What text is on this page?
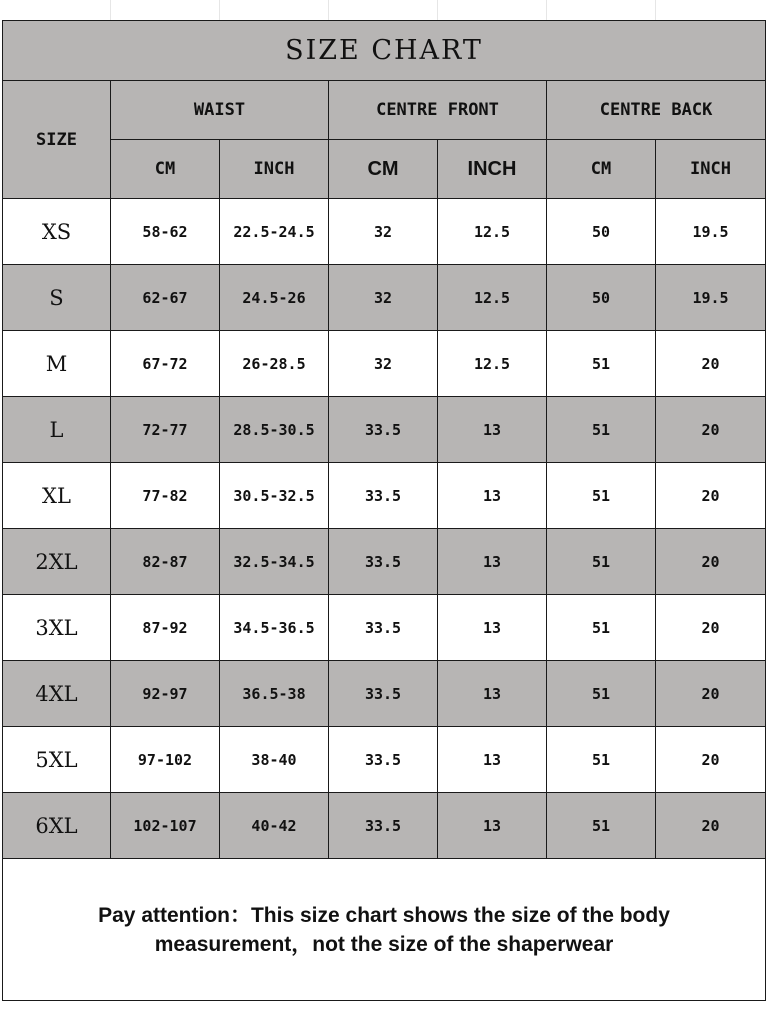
SIZE CHART						
SIZE	WAIST		CENTRE FRONT		CENTRE BACK	
	CM	INCH	CM	INCH	CM	INCH
XS	58-62	22.5-24.5	32	12.5	50	19.5
S	62-67	24.5-26	32	12.5	50	19.5
M	67-72	26-28.5	32	12.5	51	20
L	72-77	28.5-30.5	33.5	13	51	20
XL	77-82	30.5-32.5	33.5	13	51	20
2XL	82-87	32.5-34.5	33.5	13	51	20
3XL	87-92	34.5-36.5	33.5	13	51	20
4XL	92-97	36.5-38	33.5	13	51	20
5XL	97-102	38-40	33.5	13	51	20
6XL	102-107	40-42	33.5	13	51	20
Pay attention：This size chart shows the size of the body measurement，not the size of the shaperwear						
